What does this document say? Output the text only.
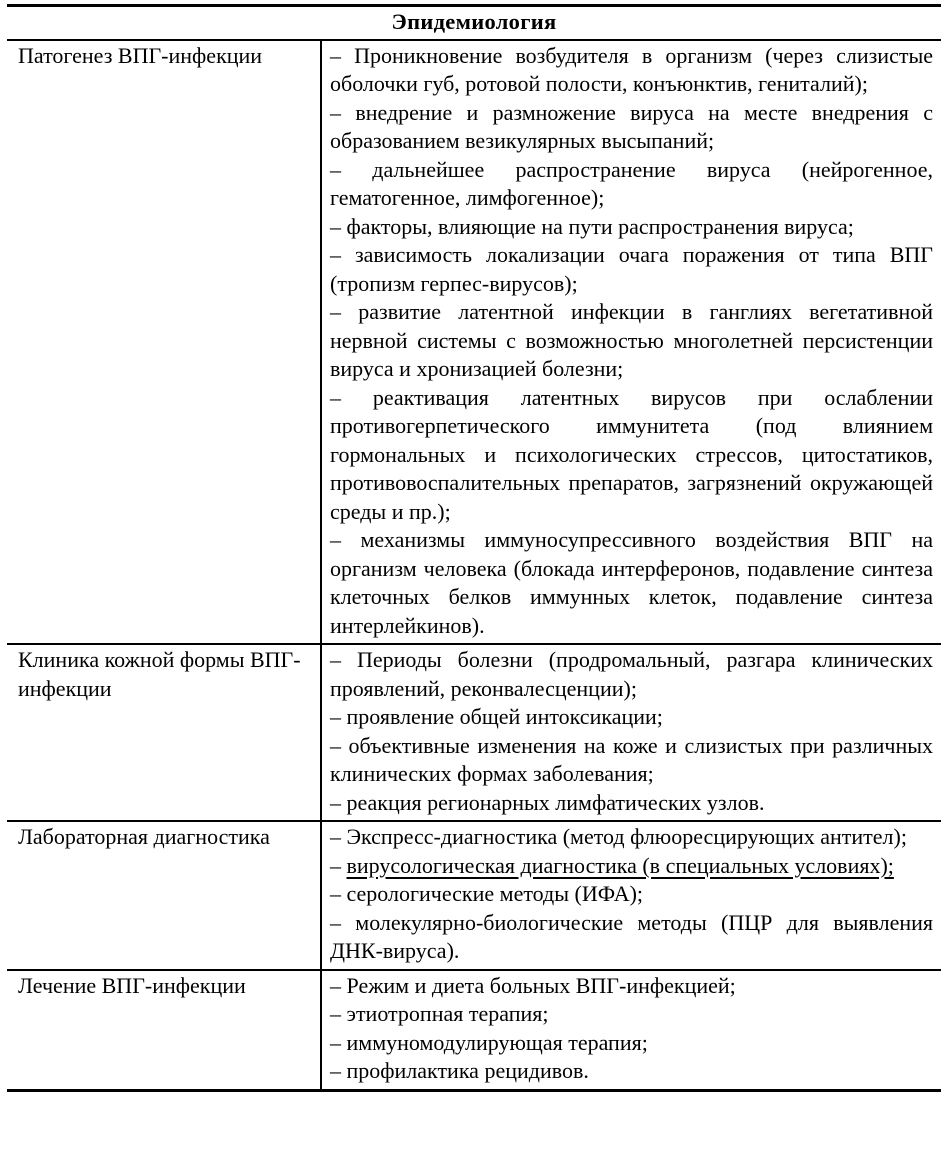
Эпидемиология	
Патогенез ВПГ-инфекции	– Проникновение возбудителя в организм (через слизистые оболочки губ, ротовой полости, конъюнктив, гениталий);

– внедрение и размножение вируса на месте внедрения с образованием везикулярных высыпаний;

– дальнейшее распространение вируса (нейрогенное, гематогенное, лимфогенное);

– факторы, влияющие на пути распространения вируса;

– зависимость локализации очага поражения от типа ВПГ (тропизм герпес-вирусов);

– развитие латентной инфекции в ганглиях вегетативной нервной системы с возможностью многолетней персистенции вируса и хронизацией болезни;

– реактивация латентных вирусов при ослаблении противогерпетического иммунитета (под влиянием гормональных и психологических стрессов, цитостатиков, противовоспалительных препаратов, загрязнений окружающей среды и пр.);

– механизмы иммуносупрессивного воздействия ВПГ на организм человека (блокада интерферонов, подавление синтеза клеточных белков иммунных клеток, подавление синтеза интерлейкинов).

Клиника кожной формы ВПГ-инфекции	– Периоды болезни (продромальный, разгара клинических проявлений, реконвалесценции);

– проявление общей интоксикации;

– объективные изменения на коже и слизистых при различных клинических формах заболевания;

– реакция регионарных лимфатических узлов.

Лабораторная диагностика	– Экспресс-диагностика (метод флюоресцирующих антител);

– вирусологическая диагностика (в специальных условиях);

– серологические методы (ИФА);

– молекулярно-биологические методы (ПЦР для выявления ДНК-вируса).

Лечение ВПГ-инфекции	– Режим и диета больных ВПГ-инфекцией;

– этиотропная терапия;

– иммуномодулирующая терапия;

– профилактика рецидивов.
